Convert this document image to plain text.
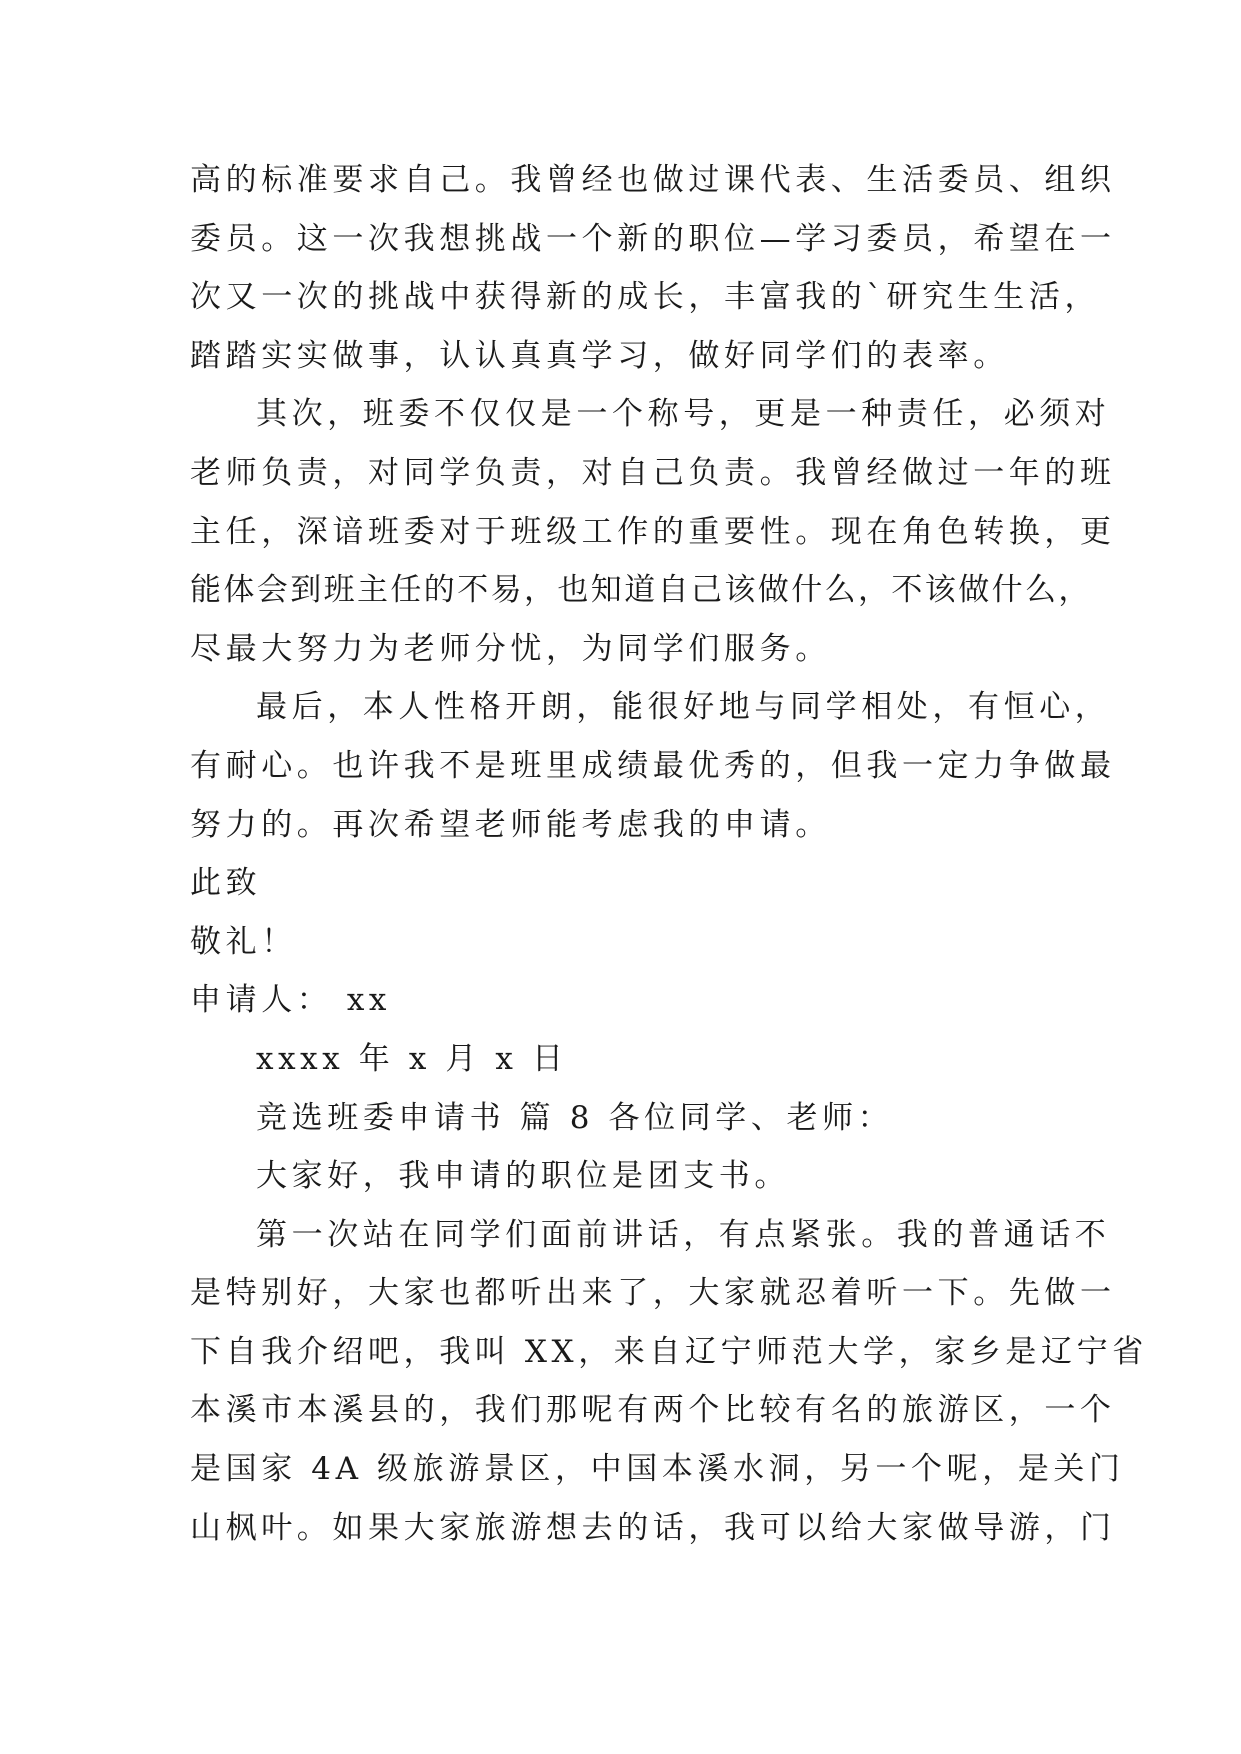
高的标准要求自己。我曾经也做过课代表、生活委员、组织
委员。这一次我想挑战一个新的职位—学习委员，希望在一
次又一次的挑战中获得新的成长，丰富我的`研究生生活，
踏踏实实做事，认认真真学习，做好同学们的表率。
其次，班委不仅仅是一个称号，更是一种责任，必须对
老师负责，对同学负责，对自己负责。我曾经做过一年的班
主任，深谙班委对于班级工作的重要性。现在角色转换，更
能体会到班主任的不易，也知道自己该做什么，不该做什么，
尽最大努力为老师分忧，为同学们服务。
最后，本人性格开朗，能很好地与同学相处，有恒心，
有耐心。也许我不是班里成绩最优秀的，但我一定力争做最
努力的。再次希望老师能考虑我的申请。
此致
敬礼！
申请人： xx
xxxx 年 x 月 x 日
竞选班委申请书 篇 8 各位同学、老师：
大家好，我申请的职位是团支书。
第一次站在同学们面前讲话，有点紧张。我的普通话不
是特别好，大家也都听出来了，大家就忍着听一下。先做一
下自我介绍吧，我叫 XX，来自辽宁师范大学，家乡是辽宁省
本溪市本溪县的，我们那呢有两个比较有名的旅游区，一个
是国家 4A 级旅游景区，中国本溪水洞，另一个呢，是关门
山枫叶。如果大家旅游想去的话，我可以给大家做导游，门
